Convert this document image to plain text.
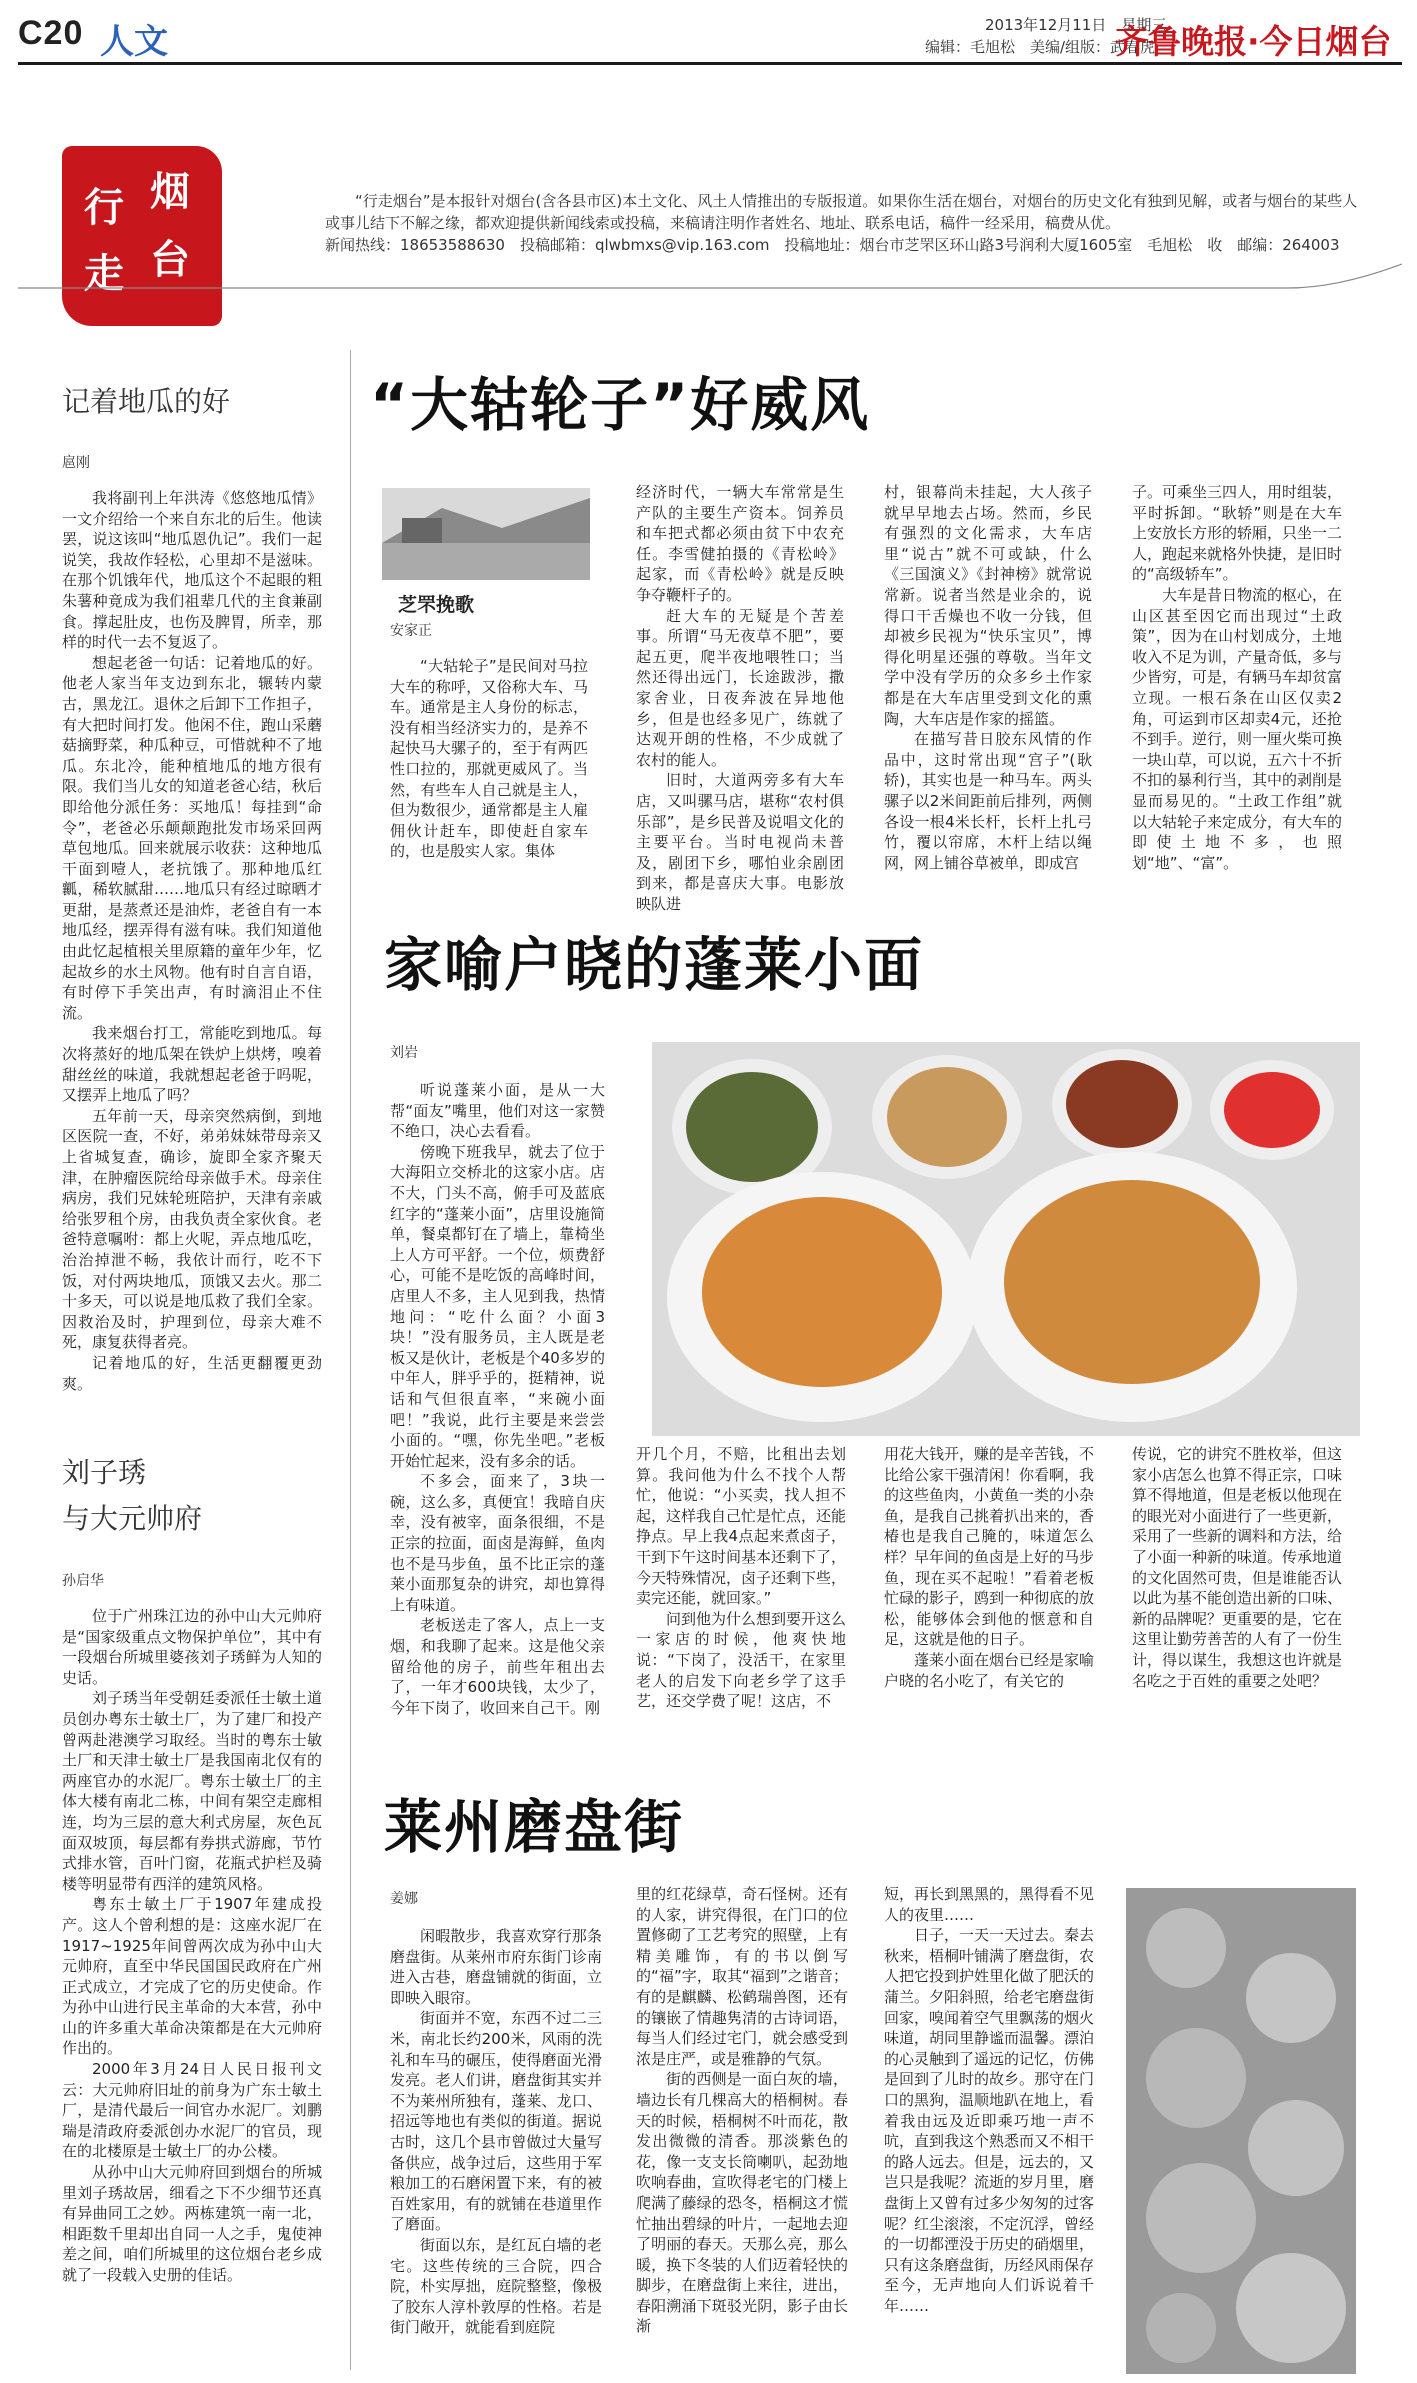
C20 人文	2013年12月11日　星期三
编辑：毛旭松　美编/组版：武春虎
齐鲁晚报·今日烟台
行 烟
走 台
“行走烟台”是本报针对烟台(含各县市区)本土文化、风土人情推出的专版报道。如果你生活在烟台，对烟台的历史文化有独到见解，或者与烟台的某些人或事儿结下不解之缘，都欢迎提供新闻线索或投稿，来稿请注明作者姓名、地址、联系电话，稿件一经采用，稿费从优。
新闻热线：18653588630　投稿邮箱：qlwbmxs@vip.163.com　投稿地址：烟台市芝罘区环山路3号润利大厦1605室　毛旭松　收　邮编：264003
记着地瓜的好
扈刚

我将副刊上年洪涛《悠悠地瓜情》一文介绍给一个来自东北的后生。他读罢，说这该叫“地瓜恩仇记”。我们一起说笑，我故作轻松，心里却不是滋味。在那个饥饿年代，地瓜这个不起眼的粗朱薯种竟成为我们祖辈几代的主食兼副食。撑起肚皮，也伤及脾胃，所幸，那样的时代一去不复返了。

想起老爸一句话：记着地瓜的好。他老人家当年支边到东北，辗转内蒙古，黑龙江。退休之后卸下工作担子，有大把时间打发。他闲不住，跑山采蘑菇摘野菜，种瓜种豆，可惜就种不了地瓜。东北冷，能种植地瓜的地方很有限。我们当儿女的知道老爸心结，秋后即给他分派任务：买地瓜！每挂到“命令”，老爸必乐颠颠跑批发市场采回两草包地瓜。回来就展示收获：这种地瓜干面到噎人，老抗饿了。那种地瓜红瓤，稀软腻甜……地瓜只有经过晾晒才更甜，是蒸煮还是油炸，老爸自有一本地瓜经，摆弄得有滋有味。我们知道他由此忆起植根关里原籍的童年少年，忆起故乡的水土风物。他有时自言自语，有时停下手笑出声，有时滴泪止不住流。

我来烟台打工，常能吃到地瓜。每次将蒸好的地瓜架在铁炉上烘烤，嗅着甜丝丝的味道，我就想起老爸于吗呢，又摆弄上地瓜了吗？

五年前一天，母亲突然病倒，到地区医院一查，不好，弟弟妹妹带母亲又上省城复查，确诊，旋即全家齐聚天津，在肿瘤医院给母亲做手术。母亲住病房，我们兄妹轮班陪护，天津有亲戚给张罗租个房，由我负责全家伙食。老爸特意嘱咐：都上火呢，弄点地瓜吃，治治掉泄不畅，我依计而行，吃不下饭，对付两块地瓜，顶饿又去火。那二十多天，可以说是地瓜救了我们全家。因救治及时，护理到位，母亲大难不死，康复获得者亮。

记着地瓜的好，生活更翻覆更劲爽。

刘子琇
与大元帅府
孙启华

位于广州珠江边的孙中山大元帅府是“国家级重点文物保护单位”，其中有一段烟台所城里婆孩刘子琇鲜为人知的史话。

刘子琇当年受朝廷委派任士敏土道员创办粤东士敏土厂，为了建厂和投产曾两赴港澳学习取经。当时的粤东士敏土厂和天津士敏土厂是我国南北仅有的两座官办的水泥厂。粤东士敏土厂的主体大楼有南北二栋，中间有架空走廊相连，均为三层的意大利式房屋，灰色瓦面双坡顶，每层都有券拱式游廊，节竹式排水管，百叶门窗，花瓶式护栏及骑楼等明显带有西洋的建筑风格。

粤东士敏土厂于1907年建成投产。这人个曾利想的是：这座水泥厂在1917~1925年间曾两次成为孙中山大元帅府，直至中华民国国民政府在广州正式成立，才完成了它的历史使命。作为孙中山进行民主革命的大本营，孙中山的许多重大革命决策都是在大元帅府作出的。

2000年3月24日人民日报刊文云：大元帅府旧址的前身为广东士敏土厂，是清代最后一间官办水泥厂。刘鹏瑞是清政府委派创办水泥厂的官员，现在的北楼原是士敏土厂的办公楼。

从孙中山大元帅府回到烟台的所城里刘子琇故居，细看之下不少细节还真有异曲同工之妙。两栋建筑一南一北，相距数千里却出自同一人之手，鬼使神差之间，咱们所城里的这位烟台老乡成就了一段载入史册的佳话。

“大轱轮子”好威风
芝罘挽歌
安家正

“大轱轮子”是民间对马拉大车的称呼，又俗称大车、马车。通常是主人身份的标志，没有相当经济实力的，是养不起快马大骡子的，至于有两匹性口拉的，那就更威风了。当然，有些车人自己就是主人，但为数很少，通常都是主人雇佣伙计赶车，即使赶自家车的，也是殷实人家。集体

经济时代，一辆大车常常是生产队的主要生产资本。饲养员和车把式都必须由贫下中农充任。李雪健拍摄的《青松岭》起家，而《青松岭》就是反映争夺鞭杆子的。

赶大车的无疑是个苦差事。所谓“马无夜草不肥”，要起五更，爬半夜地喂牲口；当然还得出远门，长途跋涉，撒家舍业，日夜奔波在异地他乡，但是也经多见广，练就了达观开朗的性格，不少成就了农村的能人。

旧时，大道两旁多有大车店，又叫骡马店，堪称“农村俱乐部”，是乡民普及说唱文化的主要平台。当时电视尚未普及，剧团下乡，哪怕业余剧团到来，都是喜庆大事。电影放映队进

村，银幕尚未挂起，大人孩子就早早地去占场。然而，乡民有强烈的文化需求，大车店里“说古”就不可或缺，什么《三国演义》《封神榜》就常说常新。说者当然是业余的，说得口干舌燥也不收一分钱，但却被乡民视为“快乐宝贝”，博得化明星还强的尊敬。当年文学中没有学历的众多乡土作家都是在大车店里受到文化的熏陶，大车店是作家的摇篮。

在描写昔日胶东风情的作品中，这时常出现“宫子”(耿轿)，其实也是一种马车。两头骡子以2米间距前后排列，两侧各设一根4米长杆，长杆上扎弓竹，覆以帘席，木杆上结以绳网，网上铺谷草被单，即成宫

子。可乘坐三四人，用时组装，平时拆卸。“耿轿”则是在大车上安放长方形的轿厢，只坐一二人，跑起来就格外快捷，是旧时的“高级轿车”。

大车是昔日物流的枢心，在山区甚至因它而出现过“土政策”，因为在山村划成分，土地收入不足为训，产量奇低，多与少皆穷，可是，有辆马车却贫富立现。一根石条在山区仅卖2角，可运到市区却卖4元，还抢不到手。逆行，则一厘火柴可换一块山草，可以说，五六十不折不扣的暴利行当，其中的剥削是显而易见的。“土政工作组”就以大轱轮子来定成分，有大车的即使土地不多，也照划“地”、“富”。

家喻户晓的蓬莱小面
刘岩

听说蓬莱小面，是从一大帮“面友”嘴里，他们对这一家赞不绝口，决心去看看。

傍晚下班我早，就去了位于大海阳立交桥北的这家小店。店不大，门头不高，俯手可及蓝底红字的“蓬莱小面”，店里设施简单，餐桌都钉在了墙上，靠椅坐上人方可平舒。一个位，烦费舒心，可能不是吃饭的高峰时间，店里人不多，主人见到我，热情地问：“吃什么面？小面3块！”没有服务员，主人既是老板又是伙计，老板是个40多岁的中年人，胖乎乎的，挺精神，说话和气但很直率，“来碗小面吧！”我说，此行主要是来尝尝小面的。“嘿，你先坐吧。”老板开始忙起来，没有多余的话。

不多会，面来了，3块一碗，这么多，真便宜！我暗自庆幸，没有被宰，面条很细，不是正宗的拉面，面卤是海鲜，鱼肉也不是马步鱼，虽不比正宗的蓬莱小面那复杂的讲究，却也算得上有味道。

老板送走了客人，点上一支烟，和我聊了起来。这是他父亲留给他的房子，前些年租出去了，一年才600块钱，太少了，今年下岗了，收回来自己干。刚

开几个月，不赔，比租出去划算。我问他为什么不找个人帮忙，他说：“小买卖，找人担不起，这样我自己忙是忙点，还能挣点。早上我4点起来煮卤子，干到下午这时间基本还剩下了，今天特殊情况，卤子还剩下些，卖完还能，就回家。”

问到他为什么想到要开这么一家店的时候，他爽快地说：“下岗了，没活干，在家里老人的启发下向老乡学了这手艺，还交学费了呢！这店，不

用花大钱开，赚的是辛苦钱，不比给公家干强清闲！你看啊，我的这些鱼肉，小黄鱼一类的小杂鱼，是我自己挑着扒出来的，香椿也是我自己腌的，味道怎么样？早年间的鱼卤是上好的马步鱼，现在买不起啦！”看着老板忙碌的影子，鸥到一种彻底的放松，能够体会到他的惬意和自足，这就是他的日子。

蓬莱小面在烟台已经是家喻户晓的名小吃了，有关它的

传说，它的讲究不胜枚举，但这家小店怎么也算不得正宗，口味算不得地道，但是老板以他现在的眼光对小面进行了一些更新，采用了一些新的调料和方法，给了小面一种新的味道。传承地道的文化固然可贵，但是谁能否认以此为基不能创造出新的口味、新的品牌呢？更重要的是，它在这里让勤劳善苦的人有了一份生计，得以谋生，我想这也许就是名吃之于百姓的重要之处吧？

莱州磨盘街
姜娜

闲暇散步，我喜欢穿行那条磨盘街。从莱州市府东街门诊南进入古巷，磨盘铺就的街面，立即映入眼帘。

街面并不宽，东西不过二三米，南北长约200米，风雨的洗礼和车马的碾压，使得磨面光滑发亮。老人们讲，磨盘街其实并不为莱州所独有，蓬莱、龙口、招远等地也有类似的街道。据说古时，这几个县市曾做过大量写备供应，战争过后，这些用于军粮加工的石磨闲置下来，有的被百姓家用，有的就铺在巷道里作了磨面。

街面以东，是红瓦白墙的老宅。这些传统的三合院，四合院，朴实厚拙，庭院整整，像极了胶东人淳朴敦厚的性格。若是街门敞开，就能看到庭院

里的红花绿草，奇石怪树。还有的人家，讲究得很，在门口的位置修砌了工艺考究的照壁，上有精美雕饰，有的书以倒写的“福”字，取其“福到”之谐音；有的是麒麟、松鹤瑞兽图，还有的镶嵌了情趣隽清的古诗词语，每当人们经过宅门，就会感受到浓是庄严，或是雅静的气氛。

街的西侧是一面白灰的墙，墙边长有几棵高大的梧桐树。春天的时候，梧桐树不叶而花，散发出微微的清香。那淡紫色的花，像一支支长筒喇叭，起劲地吹响春曲，宣吹得老宅的门楼上爬满了藤绿的恐冬，梧桐这才慌忙抽出碧绿的叶片，一起地去迎了明丽的春天。天那么亮，那么暖，换下冬装的人们迈着轻快的脚步，在磨盘街上来往，进出，春阳溯涌下斑驳光阴，影子由长渐

短，再长到黑黑的，黑得看不见人的夜里……

日子，一天一天过去。秦去秋来，梧桐叶铺满了磨盘街，农人把它投到护姓里化做了肥沃的蒲兰。夕阳斜照，给老宅磨盘街回家，嗅闻着空气里飘荡的烟火味道，胡同里静谧而温馨。漂泊的心灵触到了遥远的记忆，仿佛是回到了儿时的故乡。那守在门口的黑狗，温顺地趴在地上，看着我由远及近即乘巧地一声不吭，直到我这个熟悉而又不相干的路人远去。但是，远去的，又岂只是我呢？流逝的岁月里，磨盘街上又曾有过多少匆匆的过客呢？红尘滚滚，不定沉浮，曾经的一切都湮没于历史的硝烟里，只有这条磨盘街，历经风雨保存至今，无声地向人们诉说着千年……
